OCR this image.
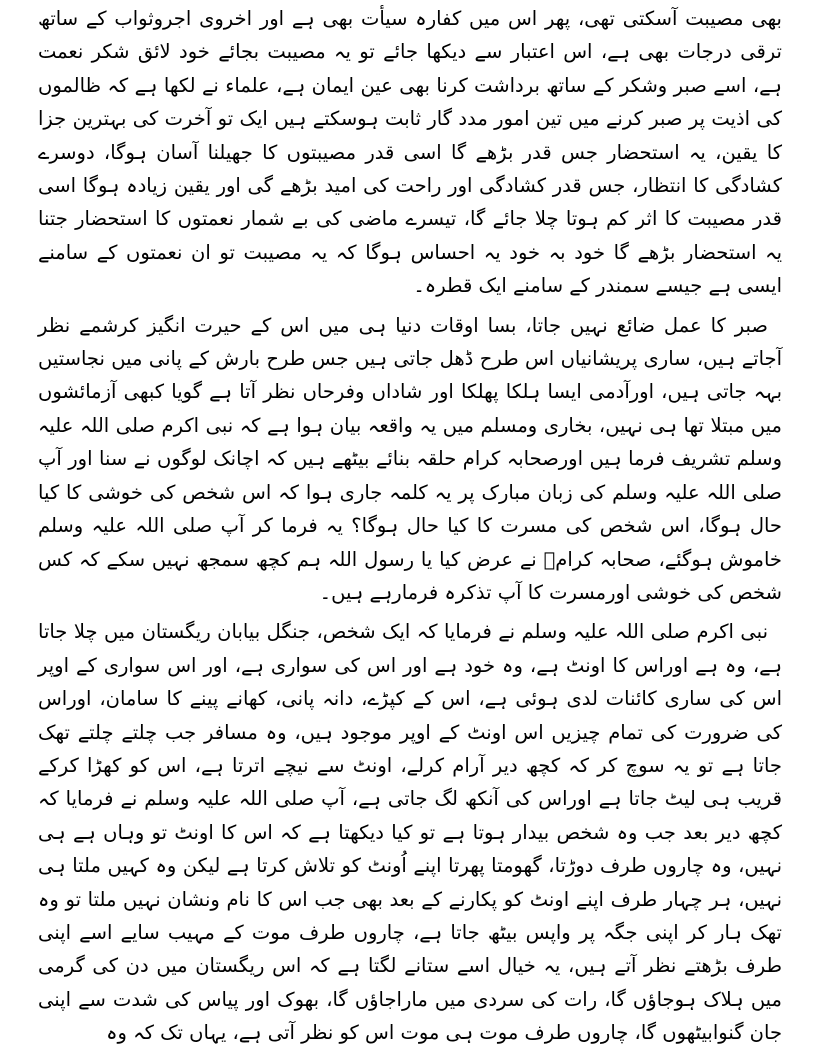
بھی مصیبت آسکتی تھی، پھر اس میں کفارہ سیأت بھی ہے اور اخروی اجروثواب کے ساتھ ترقی درجات بھی ہے، اس اعتبار سے دیکھا جائے تو یہ مصیبت بجائے خود لائق شکر نعمت ہے، اسے صبر وشکر کے ساتھ برداشت کرنا بھی عین ایمان ہے، علماء نے لکھا ہے کہ ظالموں کی اذیت پر صبر کرنے میں تین امور مدد گار ثابت ہوسکتے ہیں ایک تو آخرت کی بہترین جزا کا یقین، یہ استحضار جس قدر بڑھے گا اسی قدر مصیبتوں کا جھیلنا آسان ہوگا، دوسرے کشادگی کا انتظار، جس قدر کشادگی اور راحت کی امید بڑھے گی اور یقین زیادہ ہوگا اسی قدر مصیبت کا اثر کم ہوتا چلا جائے گا، تیسرے ماضی کی بے شمار نعمتوں کا استحضار جتنا یہ استحضار بڑھے گا خود بہ خود یہ احساس ہوگا کہ یہ مصیبت تو ان نعمتوں کے سامنے ایسی ہے جیسے سمندر کے سامنے ایک قطرہ۔

صبر کا عمل ضائع نہیں جاتا، بسا اوقات دنیا ہی میں اس کے حیرت انگیز کرشمے نظر آجاتے ہیں، ساری پریشانیاں اس طرح ڈھل جاتی ہیں جس طرح بارش کے پانی میں نجاستیں بہہ جاتی ہیں، اورآدمی ایسا ہلکا پھلکا اور شاداں وفرحاں نظر آتا ہے گویا کبھی آزمائشوں میں مبتلا تھا ہی نہیں، بخاری ومسلم میں یہ واقعہ بیان ہوا ہے کہ نبی اکرم صلی اللہ علیہ وسلم تشریف فرما ہیں اورصحابہ کرام حلقہ بنائے بیٹھے ہیں کہ اچانک لوگوں نے سنا اور آپ صلی اللہ علیہ وسلم کی زبان مبارک پر یہ کلمہ جاری ہوا کہ اس شخص کی خوشی کا کیا حال ہوگا، اس شخص کی مسرت کا کیا حال ہوگا؟ یہ فرما کر آپ صلی اللہ علیہ وسلم خاموش ہوگئے، صحابہ کرامؓ نے عرض کیا یا رسول اللہ ہم کچھ سمجھ نہیں سکے کہ کس شخص کی خوشی اورمسرت کا آپ تذکرہ فرمارہے ہیں۔

نبی اکرم صلی اللہ علیہ وسلم نے فرمایا کہ ایک شخص، جنگل بیابان ریگستان میں چلا جاتا ہے، وہ ہے اوراس کا اونٹ ہے، وہ خود ہے اور اس کی سواری ہے، اور اس سواری کے اوپر اس کی ساری کائنات لدی ہوئی ہے، اس کے کپڑے، دانہ پانی، کھانے پینے کا سامان، اوراس کی ضرورت کی تمام چیزیں اس اونٹ کے اوپر موجود ہیں، وہ مسافر جب چلتے چلتے تھک جاتا ہے تو یہ سوچ کر کہ کچھ دیر آرام کرلے، اونٹ سے نیچے اترتا ہے، اس کو کھڑا کرکے قریب ہی لیٹ جاتا ہے اوراس کی آنکھ لگ جاتی ہے، آپ صلی اللہ علیہ وسلم نے فرمایا کہ کچھ دیر بعد جب وہ شخص بیدار ہوتا ہے تو کیا دیکھتا ہے کہ اس کا اونٹ تو وہاں ہے ہی نہیں، وہ چاروں طرف دوڑتا، گھومتا پھرتا اپنے اُونٹ کو تلاش کرتا ہے لیکن وہ کہیں ملتا ہی نہیں، ہر چہار طرف اپنے اونٹ کو پکارنے کے بعد بھی جب اس کا نام ونشان نہیں ملتا تو وہ تھک ہار کر اپنی جگہ پر واپس بیٹھ جاتا ہے، چاروں طرف موت کے مہیب سایے اسے اپنی طرف بڑھتے نظر آتے ہیں، یہ خیال اسے ستانے لگتا ہے کہ اس ریگستان میں دن کی گرمی میں ہلاک ہوجاؤں گا، رات کی سردی میں ماراجاؤں گا، بھوک اور پیاس کی شدت سے اپنی جان گنوابیٹھوں گا، چاروں طرف موت ہی موت اس کو نظر آتی ہے، یہاں تک کہ وہ
